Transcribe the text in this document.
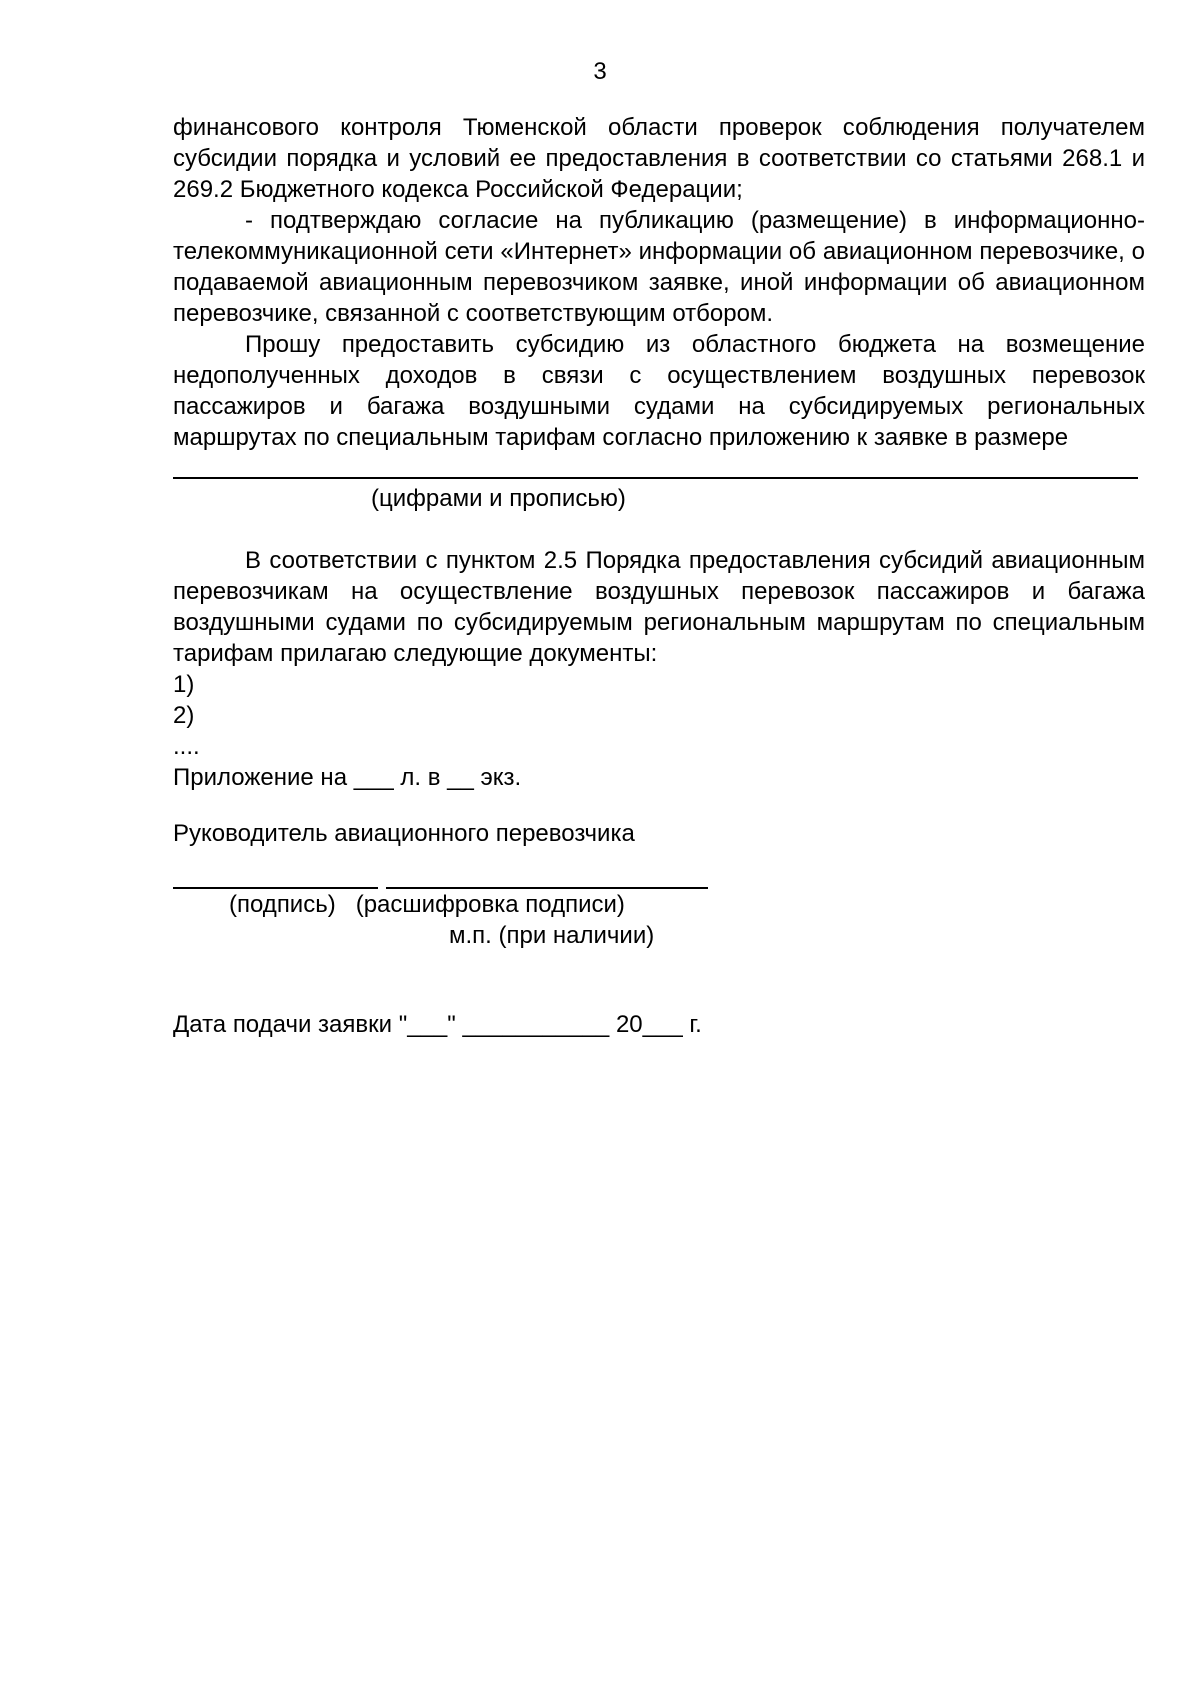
3

финансового контроля Тюменской области проверок соблюдения получателем субсидии порядка и условий ее предоставления в соответствии со статьями 268.1 и 269.2 Бюджетного кодекса Российской Федерации;

- подтверждаю согласие на публикацию (размещение) в информационно-телекоммуникационной сети «Интернет» информации об авиационном перевозчике, о подаваемой авиационным перевозчиком заявке, иной информации об авиационном перевозчике, связанной с соответствующим отбором.

Прошу предоставить субсидию из областного бюджета на возмещение недополученных доходов в связи с осуществлением воздушных перевозок пассажиров и багажа воздушными судами на субсидируемых региональных маршрутах по специальным тарифам согласно приложению к заявке в размере

(цифрами и прописью)

В соответствии с пунктом 2.5 Порядка предоставления субсидий авиационным перевозчикам на осуществление воздушных перевозок пассажиров и багажа воздушными судами по субсидируемым региональным маршрутам по специальным тарифам прилагаю следующие документы:

1)

2)

....

Приложение на ___ л. в __ экз.

Руководитель авиационного перевозчика

(подпись)   (расшифровка подписи)

м.п. (при наличии)

Дата подачи заявки "___" ___________ 20___ г.
